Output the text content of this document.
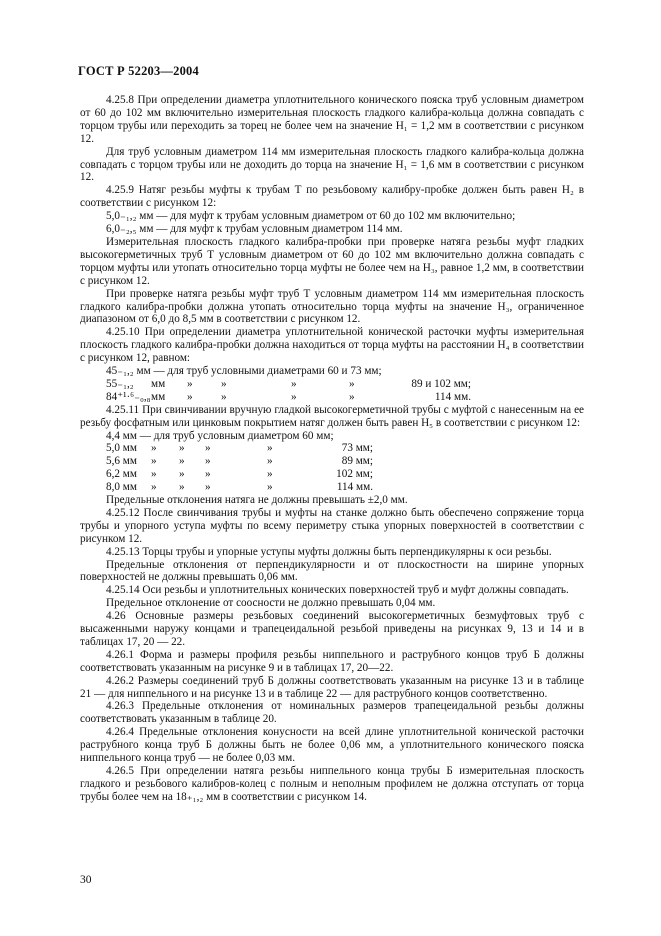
ГОСТ Р 52203—2004

4.25.8 При определении диаметра уплотнительного конического пояска труб условным диаметром от 60 до 102 мм включительно измерительная плоскость гладкого калибра-кольца должна совпадать с торцом трубы или переходить за торец не более чем на значение H₁ = 1,2 мм в соответствии с рисунком 12.

Для труб условным диаметром 114 мм измерительная плоскость гладкого калибра-кольца должна совпадать с торцом трубы или не доходить до торца на значение H₁ = 1,6 мм в соответствии с рисунком 12.

4.25.9 Натяг резьбы муфты к трубам Т по резьбовому калибру-пробке должен быть равен H₂ в соответствии с рисунком 12:

5,0₋₁,₂ мм — для муфт к трубам условным диаметром от 60 до 102 мм включительно;

6,0₋₂,₅ мм — для муфт к трубам условным диаметром 114 мм.

Измерительная плоскость гладкого калибра-пробки при проверке натяга резьбы муфт гладких высокогерметичных труб Т условным диаметром от 60 до 102 мм включительно должна совпадать с торцом муфты или утопать относительно торца муфты не более чем на H₃, равное 1,2 мм, в соответствии с рисунком 12.

При проверке натяга резьбы муфт труб Т условным диаметром 114 мм измерительная плоскость гладкого калибра-пробки должна утопать относительно торца муфты на значение H₃, ограниченное диапазоном от 6,0 до 8,5 мм в соответствии с рисунком 12.

4.25.10 При определении диаметра уплотнительной конической расточки муфты измерительная плоскость гладкого калибра-пробки должна находиться от торца муфты на расстоянии H₄ в соответствии с рисунком 12, равном:

45₋₁,₂ мм — для труб условными диаметрами 60 и 73 мм;
55₋₁,₂	мм	»	»	»	»	89 и 102 мм;
84⁺¹·⁶₋₀,₈ мм	»	»	»	»	114 мм.

4.25.11 При свинчивании вручную гладкой высокогерметичной трубы с муфтой с нанесенным на ее резьбу фосфатным или цинковым покрытием натяг должен быть равен H₅ в соответствии с рисунком 12:

4,4 мм — для труб условным диаметром 60 мм;
5,0 мм	»	»	»	»	73 мм;
5,6 мм	»	»	»	»	89 мм;
6,2 мм	»	»	»	»	102 мм;
8,0 мм	»	»	»	»	114 мм.

Предельные отклонения натяга не должны превышать ±2,0 мм.

4.25.12 После свинчивания трубы и муфты на станке должно быть обеспечено сопряжение торца трубы и упорного уступа муфты по всему периметру стыка упорных поверхностей в соответствии с рисунком 12.

4.25.13 Торцы трубы и упорные уступы муфты должны быть перпендикулярны к оси резьбы.

Предельные отклонения от перпендикулярности и от плоскостности на ширине упорных поверхностей не должны превышать 0,06 мм.

4.25.14 Оси резьбы и уплотнительных конических поверхностей труб и муфт должны совпадать.

Предельное отклонение от соосности не должно превышать 0,04 мм.

4.26 Основные размеры резьбовых соединений высокогерметичных безмуфтовых труб с высаженными наружу концами и трапецеидальной резьбой приведены на рисунках 9, 13 и 14 и в таблицах 17, 20 — 22.

4.26.1 Форма и размеры профиля резьбы ниппельного и раструбного концов труб Б должны соответствовать указанным на рисунке 9 и в таблицах 17, 20—22.

4.26.2 Размеры соединений труб Б должны соответствовать указанным на рисунке 13 и в таблице 21 — для ниппельного и на рисунке 13 и в таблице 22 — для раструбного концов соответственно.

4.26.3 Предельные отклонения от номинальных размеров трапецеидальной резьбы должны соответствовать указанным в таблице 20.

4.26.4 Предельные отклонения конусности на всей длине уплотнительной конической расточки раструбного конца труб Б должны быть не более 0,06 мм, а уплотнительного конического пояска ниппельного конца труб — не более 0,03 мм.

4.26.5 При определении натяга резьбы ниппельного конца трубы Б измерительная плоскость гладкого и резьбового калибров-колец с полным и неполным профилем не должна отступать от торца трубы более чем на 18₊₁,₂ мм в соответствии с рисунком 14.

30
